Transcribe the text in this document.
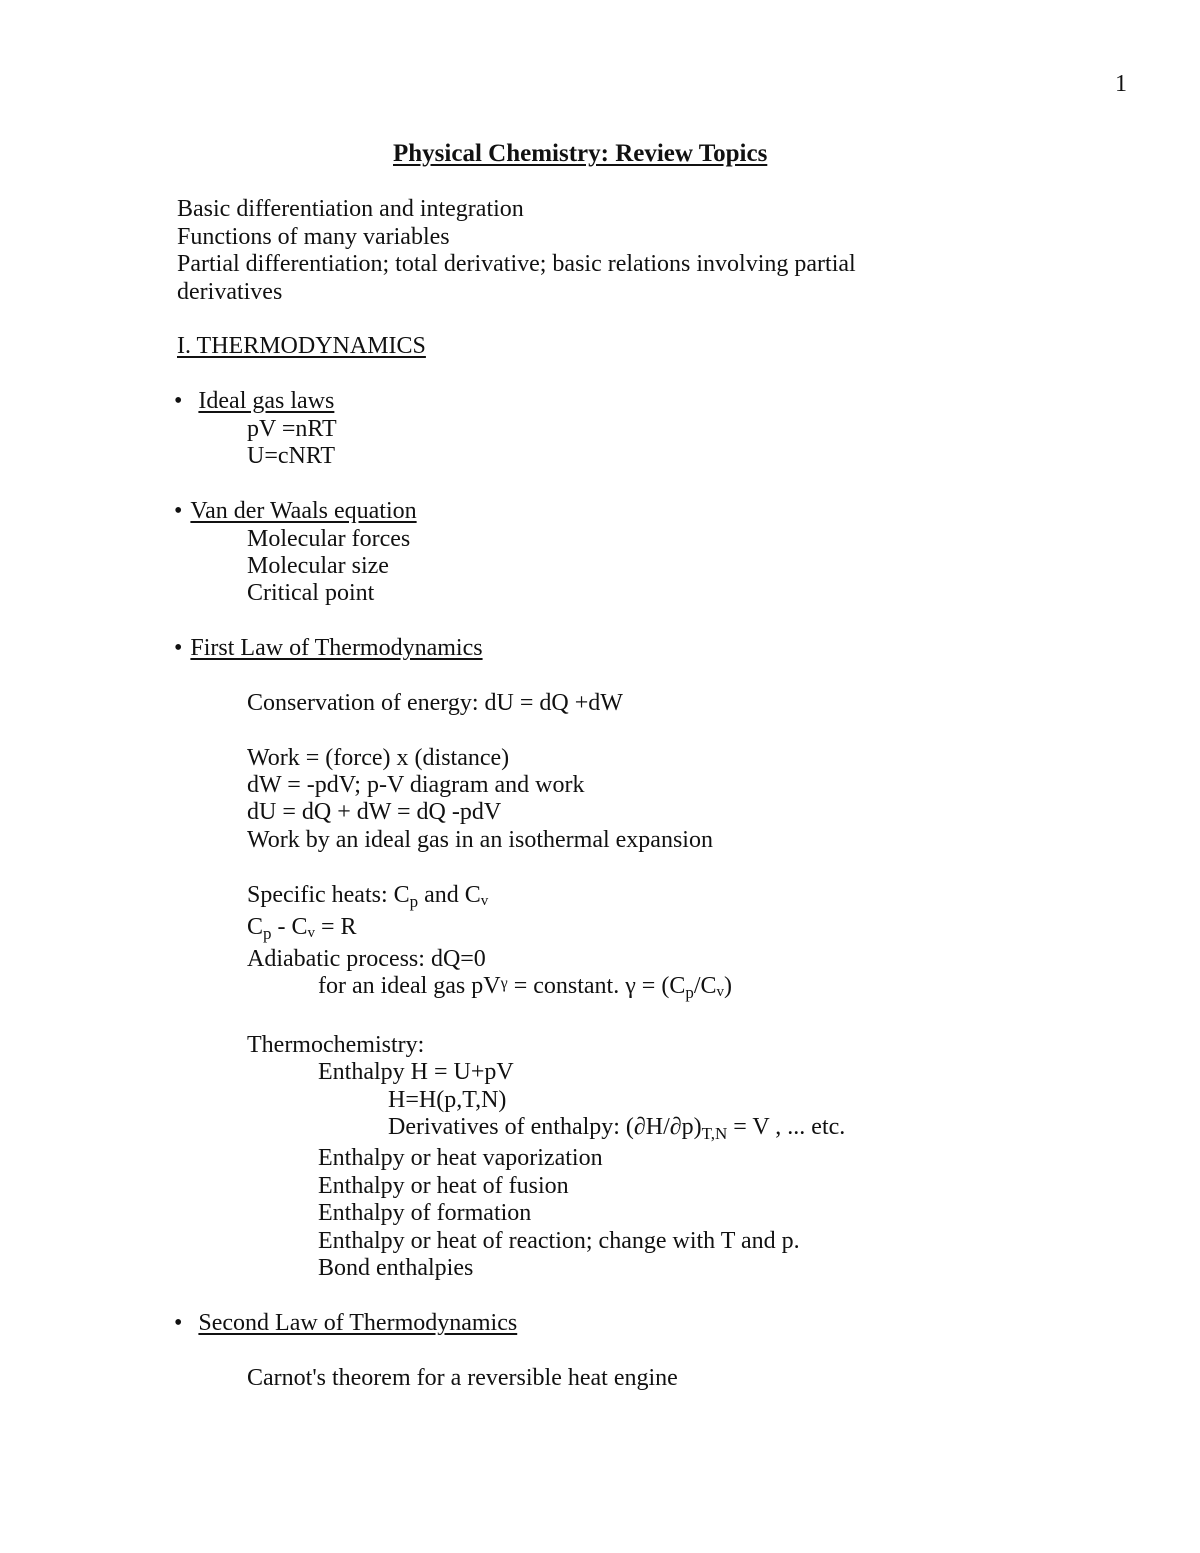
1
Physical Chemistry: Review Topics
Basic differentiation and integration
Functions of many variables
Partial differentiation; total derivative; basic relations involving partial
derivatives
I. THERMODYNAMICS
• Ideal gas laws
pV =nRT
U=cNRT
• Van der Waals equation
Molecular forces
Molecular size
Critical point
• First Law of Thermodynamics
Conservation of energy: dU = dQ +dW
Work = (force) x (distance)
dW = -pdV; p-V diagram and work
dU = dQ + dW = dQ -pdV
Work by an ideal gas in an isothermal expansion
Specific heats: $C_p$ and $C_v$
$C_p - C_v = R$
Adiabatic process: dQ=0
for an ideal gas $pV^\gamma$ = constant. $\gamma = (C_p/C_v)$
Thermochemistry:
Enthalpy H = U+pV
H=H(p,T,N)
Derivatives of enthalpy: $(\partial H/\partial p)_{T,N} = V$ , ... etc.
Enthalpy or heat vaporization
Enthalpy or heat of fusion
Enthalpy of formation
Enthalpy or heat of reaction; change with T and p.
Bond enthalpies
• Second Law of Thermodynamics
Carnot's theorem for a reversible heat engine
